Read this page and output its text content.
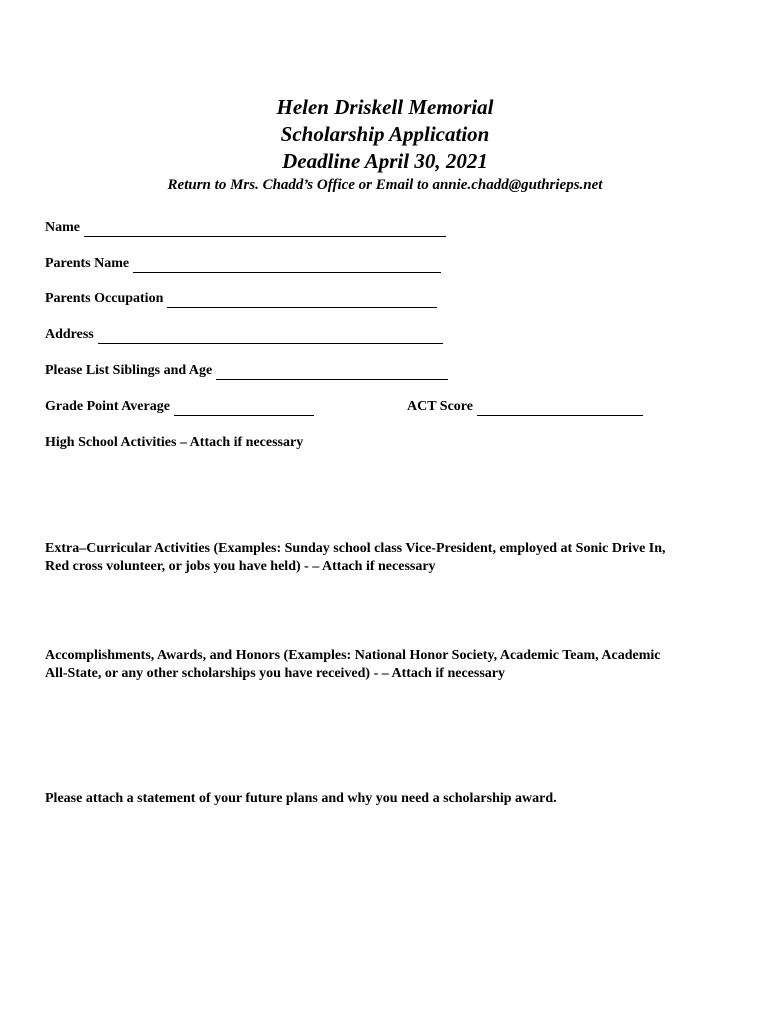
Helen Driskell Memorial
Scholarship Application
Deadline April 30, 2021
Return to Mrs. Chadd’s Office or Email to annie.chadd@guthrieps.net
Name
Parents Name
Parents Occupation
Address
Please List Siblings and Age
Grade Point Average	ACT Score
High School Activities – Attach if necessary
Extra–Curricular Activities (Examples: Sunday school class Vice-President, employed at Sonic Drive In,
Red cross volunteer, or jobs you have held) - – Attach if necessary
Accomplishments, Awards, and Honors (Examples: National Honor Society, Academic Team, Academic
All-State, or any other scholarships you have received) - – Attach if necessary
Please attach a statement of your future plans and why you need a scholarship award.
